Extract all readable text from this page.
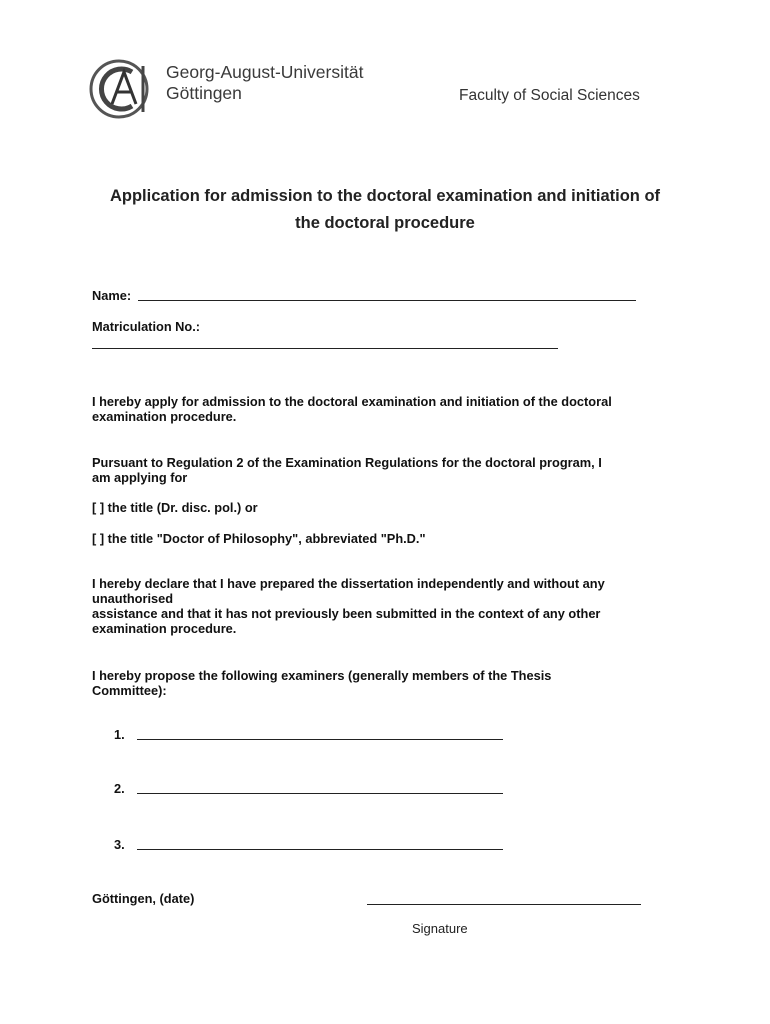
Georg-August-Universität
Göttingen	Faculty of Social Sciences
Application for admission to the doctoral examination and initiation of
the doctoral procedure
Name:
Matriculation No.:
I hereby apply for admission to the doctoral examination and initiation of the doctoral
examination procedure.
Pursuant to Regulation 2 of the Examination Regulations for the doctoral program, I
am applying for
[ ] the title (Dr. disc. pol.) or
[ ] the title "Doctor of Philosophy", abbreviated "Ph.D."
I hereby declare that I have prepared the dissertation independently and without any
unauthorised
assistance and that it has not previously been submitted in the context of any other
examination procedure.
I hereby propose the following examiners (generally members of the Thesis
Committee):
1.
2.
3.
Göttingen, (date)
Signature
